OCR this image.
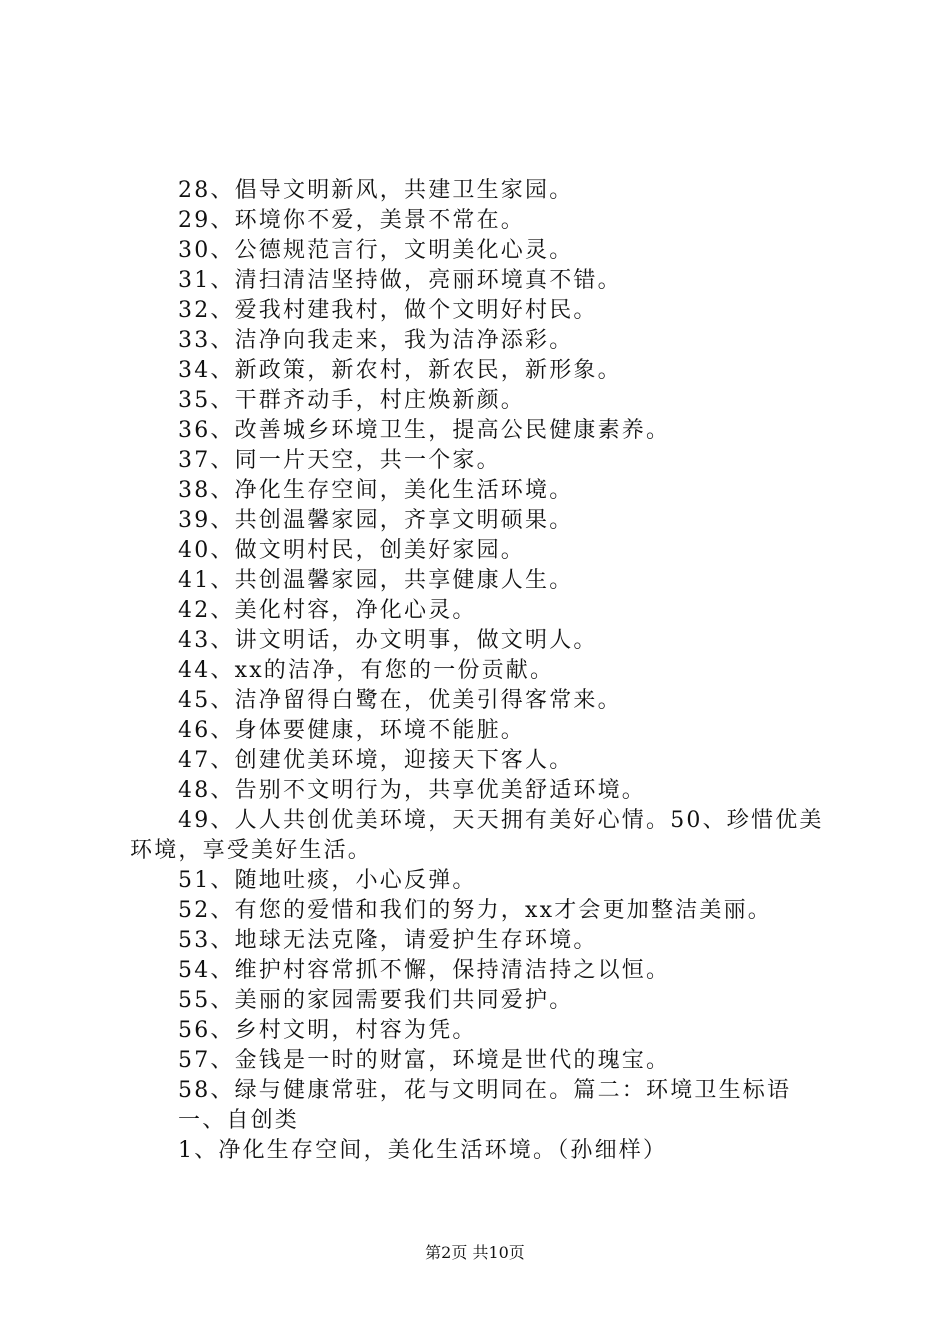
28、倡导文明新风，共建卫生家园。
29、环境你不爱，美景不常在。
30、公德规范言行，文明美化心灵。
31、清扫清洁坚持做，亮丽环境真不错。
32、爱我村建我村，做个文明好村民。
33、洁净向我走来，我为洁净添彩。
34、新政策，新农村，新农民，新形象。
35、干群齐动手，村庄焕新颜。
36、改善城乡环境卫生，提高公民健康素养。
37、同一片天空，共一个家。
38、净化生存空间，美化生活环境。
39、共创温馨家园，齐享文明硕果。
40、做文明村民，创美好家园。
41、共创温馨家园，共享健康人生。
42、美化村容，净化心灵。
43、讲文明话，办文明事，做文明人。
44、xx的洁净，有您的一份贡献。
45、洁净留得白鹭在，优美引得客常来。
46、身体要健康，环境不能脏。
47、创建优美环境，迎接天下客人。
48、告别不文明行为，共享优美舒适环境。
49、人人共创优美环境，天天拥有美好心情。50、珍惜优美环境，享受美好生活。
51、随地吐痰，小心反弹。
52、有您的爱惜和我们的努力，xx才会更加整洁美丽。
53、地球无法克隆，请爱护生存环境。
54、维护村容常抓不懈，保持清洁持之以恒。
55、美丽的家园需要我们共同爱护。
56、乡村文明，村容为凭。
57、金钱是一时的财富，环境是世代的瑰宝。
58、绿与健康常驻，花与文明同在。篇二：环境卫生标语
一、自创类
1、净化生存空间，美化生活环境。（孙细样）
第2页 共10页
